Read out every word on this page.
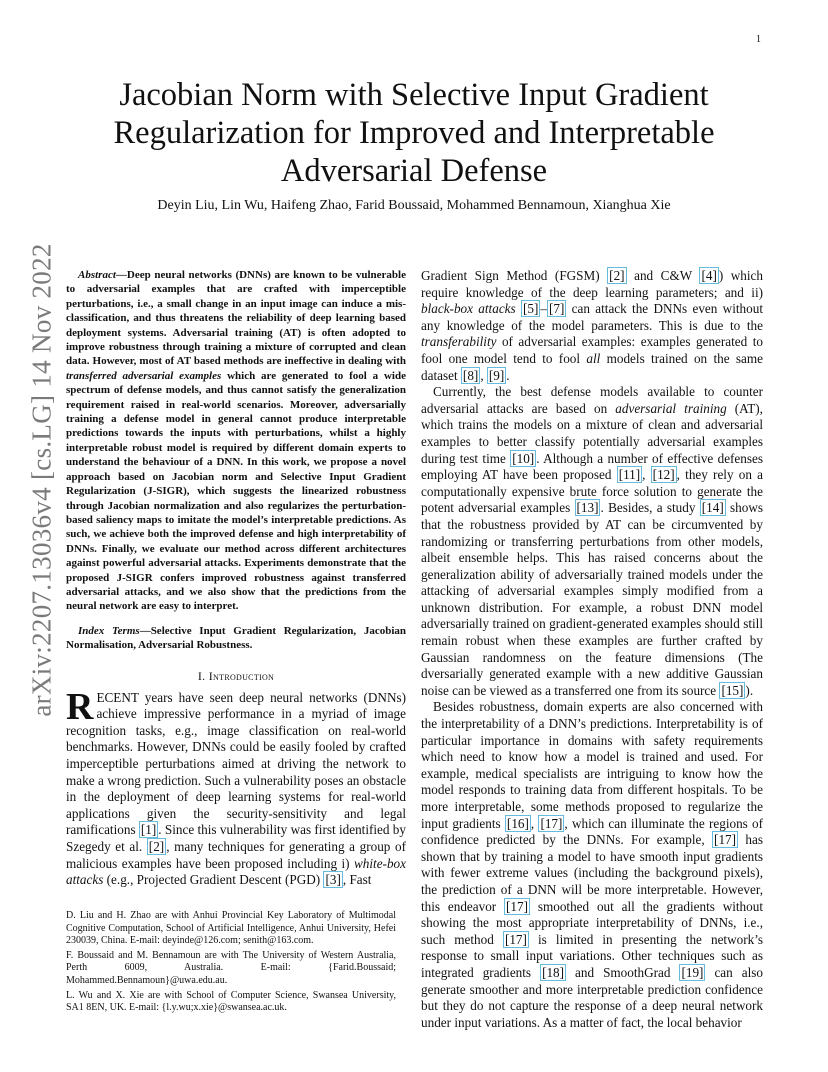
1
arXiv:2207.13036v4 [cs.LG] 14 Nov 2022
Jacobian Norm with Selective Input Gradient
Regularization for Improved and Interpretable
Adversarial Defense
Deyin Liu, Lin Wu, Haifeng Zhao, Farid Boussaid, Mohammed Bennamoun, Xianghua Xie

Abstract—Deep neural networks (DNNs) are known to be vulnerable to adversarial examples that are crafted with imperceptible perturbations, i.e., a small change in an input image can induce a mis-classification, and thus threatens the reliability of deep learning based deployment systems. Adversarial training (AT) is often adopted to improve robustness through training a mixture of corrupted and clean data. However, most of AT based methods are ineffective in dealing with transferred adversarial examples which are generated to fool a wide spectrum of defense models, and thus cannot satisfy the generalization requirement raised in real-world scenarios. Moreover, adversarially training a defense model in general cannot produce interpretable predictions towards the inputs with perturbations, whilst a highly interpretable robust model is required by different domain experts to understand the behaviour of a DNN. In this work, we propose a novel approach based on Jacobian norm and Selective Input Gradient Regularization (J-SIGR), which suggests the linearized robustness through Jacobian normalization and also regularizes the perturbation-based saliency maps to imitate the model’s interpretable predictions. As such, we achieve both the improved defense and high interpretability of DNNs. Finally, we evaluate our method across different architectures against powerful adversarial attacks. Experiments demonstrate that the proposed J-SIGR confers improved robustness against transferred adversarial attacks, and we also show that the predictions from the neural network are easy to interpret.

Index Terms—Selective Input Gradient Regularization, Jacobian Normalisation, Adversarial Robustness.

I. Introduction

RECENT years have seen deep neural networks (DNNs) achieve impressive performance in a myriad of image recognition tasks, e.g., image classification on real-world benchmarks. However, DNNs could be easily fooled by crafted imperceptible perturbations aimed at driving the network to make a wrong prediction. Such a vulnerability poses an obstacle in the deployment of deep learning systems for real-world applications given the security-sensitivity and legal ramifications [1] . Since this vulnerability was first identified by Szegedy et al. [2] , many techniques for generating a group of malicious examples have been proposed including i) white-box attacks (e.g., Projected Gradient Descent (PGD) [3] , Fast

D. Liu and H. Zhao are with Anhui Provincial Key Laboratory of Multimodal Cognitive Computation, School of Artificial Intelligence, Anhui University, Hefei 230039, China. E-mail: deyinde@126.com; senith@163.com.

F. Boussaid and M. Bennamoun are with The University of Western Australia, Perth 6009, Australia. E-mail: {Farid.Boussaid; Mohammed.Bennamoun}@uwa.edu.au.

L. Wu and X. Xie are with School of Computer Science, Swansea University, SA1 8EN, UK. E-mail: {l.y.wu;x.xie}@swansea.ac.uk.

Gradient Sign Method (FGSM) [2] and C&W [4] ) which require knowledge of the deep learning parameters; and ii) black-box attacks [5] – [7] can attack the DNNs even without any knowledge of the model parameters. This is due to the transferability of adversarial examples: examples generated to fool one model tend to fool all models trained on the same dataset [8] , [9] .

Currently, the best defense models available to counter adversarial attacks are based on adversarial training (AT), which trains the models on a mixture of clean and adversarial examples to better classify potentially adversarial examples during test time [10] . Although a number of effective defenses employing AT have been proposed [11] , [12] , they rely on a computationally expensive brute force solution to generate the potent adversarial examples [13] . Besides, a study [14] shows that the robustness provided by AT can be circumvented by randomizing or transferring perturbations from other models, albeit ensemble helps. This has raised concerns about the generalization ability of adversarially trained models under the attacking of adversarial examples simply modified from a unknown distribution. For example, a robust DNN model adversarially trained on gradient-generated examples should still remain robust when these examples are further crafted by Gaussian randomness on the feature dimensions (The dversarially generated example with a new additive Gaussian noise can be viewed as a transferred one from its source [15] ).

Besides robustness, domain experts are also concerned with the interpretability of a DNN’s predictions. Interpretability is of particular importance in domains with safety requirements which need to know how a model is trained and used. For example, medical specialists are intriguing to know how the model responds to training data from different hospitals. To be more interpretable, some methods proposed to regularize the input gradients [16] , [17] , which can illuminate the regions of confidence predicted by the DNNs. For example, [17] has shown that by training a model to have smooth input gradients with fewer extreme values (including the background pixels), the prediction of a DNN will be more interpretable. However, this endeavor [17] smoothed out all the gradients without showing the most appropriate interpretability of DNNs, i.e., such method [17] is limited in presenting the network’s response to small input variations. Other techniques such as integrated gradients [18] and SmoothGrad [19] can also generate smoother and more interpretable prediction confidence but they do not capture the response of a deep neural network under input variations. As a matter of fact, the local behavior
